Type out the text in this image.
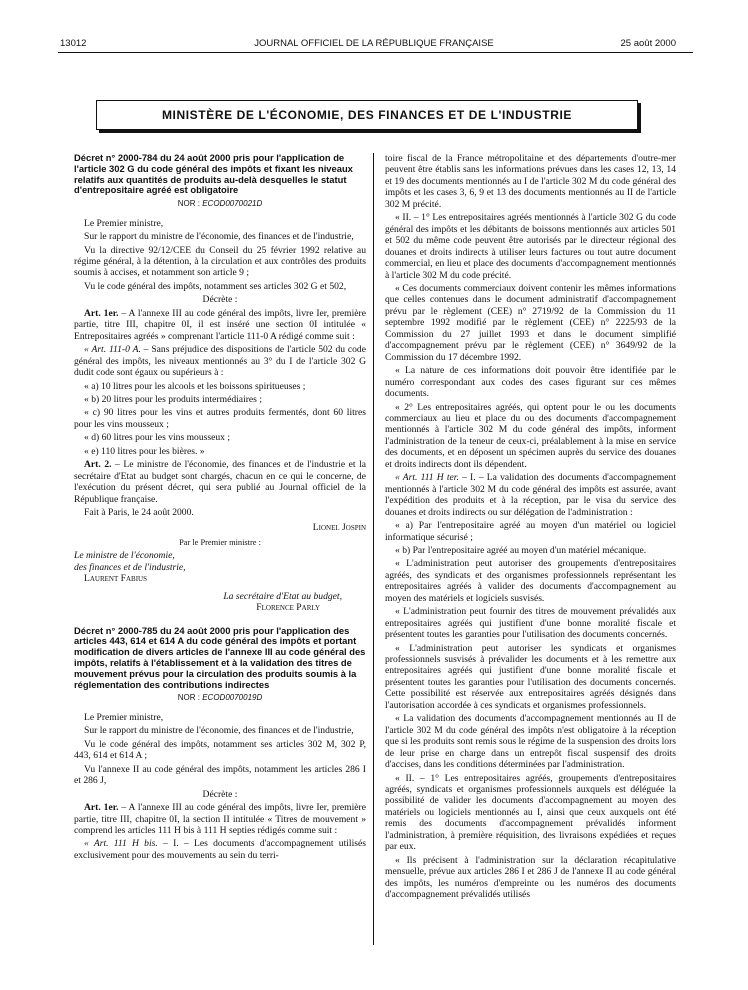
13012	JOURNAL OFFICIEL DE LA RÉPUBLIQUE FRANÇAISE	25 août 2000
MINISTÈRE DE L'ÉCONOMIE, DES FINANCES ET DE L'INDUSTRIE
Décret n° 2000-784 du 24 août 2000 pris pour l'application de l'article 302 G du code général des impôts et fixant les niveaux relatifs aux quantités de produits au-delà desquelles le statut d'entrepositaire agréé est obligatoire
NOR : ECOD0070021D

Le Premier ministre,

Sur le rapport du ministre de l'économie, des finances et de l'industrie,

Vu la directive 92/12/CEE du Conseil du 25 février 1992 relative au régime général, à la détention, à la circulation et aux contrôles des produits soumis à accises, et notamment son article 9 ;

Vu le code général des impôts, notamment ses articles 302 G et 502,

Décrète :

Art. 1er. – A l'annexe III au code général des impôts, livre Ier, première partie, titre III, chapitre 0I, il est inséré une section 0I intitulée « Entrepositaires agréés » comprenant l'article 111-0 A rédigé comme suit :

« Art. 111-0 A. – Sans préjudice des dispositions de l'article 502 du code général des impôts, les niveaux mentionnés au 3° du I de l'article 302 G dudit code sont égaux ou supérieurs à :

« a) 10 litres pour les alcools et les boissons spiritueuses ;

« b) 20 litres pour les produits intermédiaires ;

« c) 90 litres pour les vins et autres produits fermentés, dont 60 litres pour les vins mousseux ;

« d) 60 litres pour les vins mousseux ;

« e) 110 litres pour les bières. »

Art. 2. – Le ministre de l'économie, des finances et de l'industrie et la secrétaire d'Etat au budget sont chargés, chacun en ce qui le concerne, de l'exécution du présent décret, qui sera publié au Journal officiel de la République française.

Fait à Paris, le 24 août 2000.

Lionel Jospin
Par le Premier ministre :
Le ministre de l'économie,
des finances et de l'industrie,
Laurent Fabius
La secrétaire d'Etat au budget,
Florence Parly
Décret n° 2000-785 du 24 août 2000 pris pour l'application des articles 443, 614 et 614 A du code général des impôts et portant modification de divers articles de l'annexe III au code général des impôts, relatifs à l'établissement et à la validation des titres de mouvement prévus pour la circulation des produits soumis à la réglementation des contributions indirectes
NOR : ECOD0070019D

Le Premier ministre,

Sur le rapport du ministre de l'économie, des finances et de l'industrie,

Vu le code général des impôts, notamment ses articles 302 M, 302 P, 443, 614 et 614 A ;

Vu l'annexe II au code général des impôts, notamment les articles 286 I et 286 J,

Décrète :

Art. 1er. – A l'annexe III au code général des impôts, livre Ier, première partie, titre III, chapitre 0I, la section II intitulée « Titres de mouvement » comprend les articles 111 H bis à 111 H septies rédigés comme suit :

« Art. 111 H bis. – I. – Les documents d'accompagnement utilisés exclusivement pour des mouvements au sein du terri-

toire fiscal de la France métropolitaine et des départements d'outre-mer peuvent être établis sans les informations prévues dans les cases 12, 13, 14 et 19 des documents mentionnés au I de l'article 302 M du code général des impôts et les cases 3, 6, 9 et 13 des documents mentionnés au II de l'article 302 M précité.

« II. – 1° Les entrepositaires agréés mentionnés à l'article 302 G du code général des impôts et les débitants de boissons mentionnés aux articles 501 et 502 du même code peuvent être autorisés par le directeur régional des douanes et droits indirects à utiliser leurs factures ou tout autre document commercial, en lieu et place des documents d'accompagnement mentionnés à l'article 302 M du code précité.

« Ces documents commerciaux doivent contenir les mêmes informations que celles contenues dans le document administratif d'accompagnement prévu par le règlement (CEE) n° 2719/92 de la Commission du 11 septembre 1992 modifié par le règlement (CEE) n° 2225/93 de la Commission du 27 juillet 1993 et dans le document simplifié d'accompagnement prévu par le règlement (CEE) n° 3649/92 de la Commission du 17 décembre 1992.

« La nature de ces informations doit pouvoir être identifiée par le numéro correspondant aux codes des cases figurant sur ces mêmes documents.

« 2° Les entrepositaires agréés, qui optent pour le ou les documents commerciaux au lieu et place du ou des documents d'accompagnement mentionnés à l'article 302 M du code général des impôts, informent l'administration de la teneur de ceux-ci, préalablement à la mise en service des documents, et en déposent un spécimen auprès du service des douanes et droits indirects dont ils dépendent.

« Art. 111 H ter. – I. – La validation des documents d'accompagnement mentionnés à l'article 302 M du code général des impôts est assurée, avant l'expédition des produits et à la réception, par le visa du service des douanes et droits indirects ou sur délégation de l'administration :

« a) Par l'entrepositaire agréé au moyen d'un matériel ou logiciel informatique sécurisé ;

« b) Par l'entrepositaire agréé au moyen d'un matériel mécanique.

« L'administration peut autoriser des groupements d'entrepositaires agréés, des syndicats et des organismes professionnels représentant les entrepositaires agréés à valider des documents d'accompagnement au moyen des matériels et logiciels susvisés.

« L'administration peut fournir des titres de mouvement prévalidés aux entrepositaires agréés qui justifient d'une bonne moralité fiscale et présentent toutes les garanties pour l'utilisation des documents concernés.

« L'administration peut autoriser les syndicats et organismes professionnels susvisés à prévalider les documents et à les remettre aux entrepositaires agréés qui justifient d'une bonne moralité fiscale et présentent toutes les garanties pour l'utilisation des documents concernés. Cette possibilité est réservée aux entrepositaires agréés désignés dans l'autorisation accordée à ces syndicats et organismes professionnels.

« La validation des documents d'accompagnement mentionnés au II de l'article 302 M du code général des impôts n'est obligatoire à la réception que si les produits sont remis sous le régime de la suspension des droits lors de leur prise en charge dans un entrepôt fiscal suspensif des droits d'accises, dans les conditions déterminées par l'administration.

« II. – 1° Les entrepositaires agréés, groupements d'entrepositaires agréés, syndicats et organismes professionnels auxquels est déléguée la possibilité de valider les documents d'accompagnement au moyen des matériels ou logiciels mentionnés au I, ainsi que ceux auxquels ont été remis des documents d'accompagnement prévalidés informent l'administration, à première réquisition, des livraisons expédiées et reçues par eux.

« Ils précisent à l'administration sur la déclaration récapitulative mensuelle, prévue aux articles 286 I et 286 J de l'annexe II au code général des impôts, les numéros d'empreinte ou les numéros des documents d'accompagnement prévalidés utilisés
